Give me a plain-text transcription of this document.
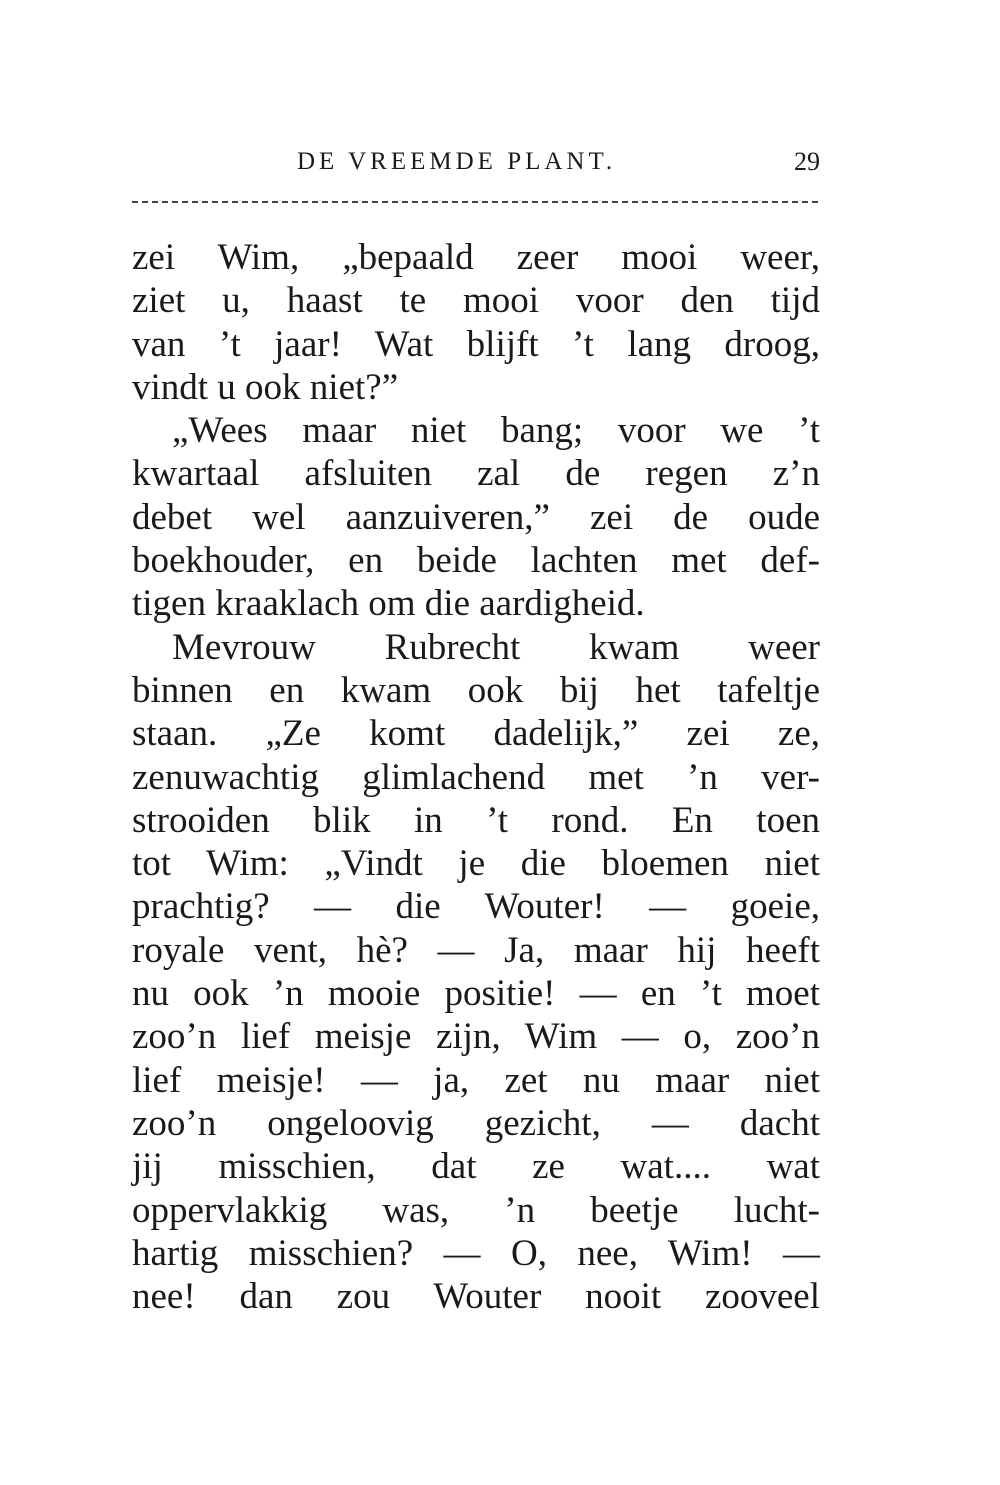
DE VREEMDE PLANT.	29
zei Wim, „bepaald zeer mooi weer,
ziet u, haast te mooi voor den tijd
van ’t jaar! Wat blijft ’t lang droog,
vindt u ook niet?”
„Wees maar niet bang; voor we ’t
kwartaal afsluiten zal de regen z’n
debet wel aanzuiveren,” zei de oude
boekhouder, en beide lachten met def-
tigen kraaklach om die aardigheid.
Mevrouw Rubrecht kwam weer
binnen en kwam ook bij het tafeltje
staan. „Ze komt dadelijk,” zei ze,
zenuwachtig glimlachend met ’n ver-
strooiden blik in ’t rond. En toen
tot Wim: „Vindt je die bloemen niet
prachtig? — die Wouter! — goeie,
royale vent, hè? — Ja, maar hij heeft
nu ook ’n mooie positie! — en ’t moet
zoo’n lief meisje zijn, Wim — o, zoo’n
lief meisje! — ja, zet nu maar niet
zoo’n ongeloovig gezicht, — dacht
jij misschien, dat ze wat.... wat
oppervlakkig was, ’n beetje lucht-
hartig misschien? — O, nee, Wim! —
nee! dan zou Wouter nooit zooveel
